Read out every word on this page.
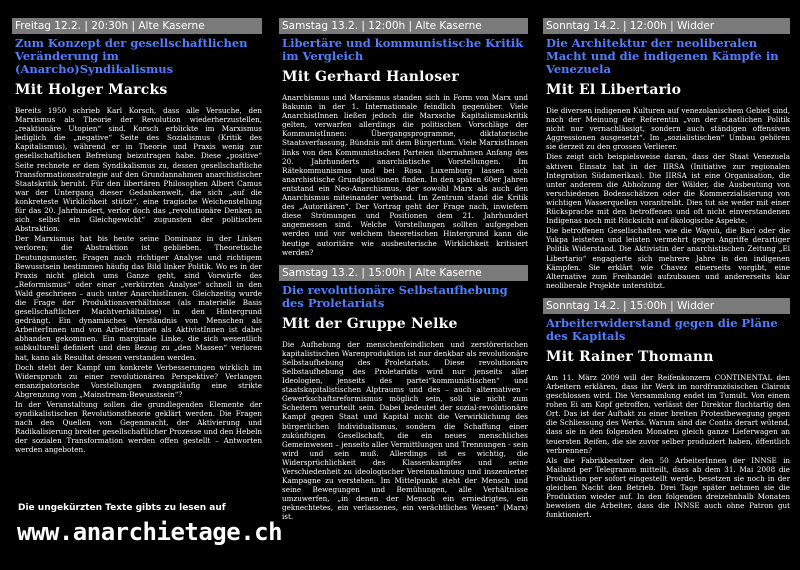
Freitag 12.2. | 20:30h | Alte Kaserne
Zum Konzept der gesellschaftlichen Veränderung im (Anarcho)Syndikalismus
Mit Holger Marcks

Bereits 1950 schrieb Karl Korsch, dass alle Versuche, den Marxismus als Theorie der Revolution wiederherzustellen, „reaktionäre Utopien“ sind. Korsch erblickte im Marxismus lediglich die „negative“ Seite des Sozialismus (Kritik des Kapitalismus), während er in Theorie und Praxis wenig zur gesellschaftlichen Befreiung beizutragen habe. Diese „positive“ Seite rechnete er dem Syndikalismus zu, dessen gesellschaftliche Transformationsstrategie auf den Grundannahmen anarchistischer Staatskritik beruht. Für den libertären Philosophen Albert Camus war der Untergang dieser Gedankenwelt, die sich „auf die konkreteste Wirklichkeit stützt“, eine tragische Weichenstellung für das 20. Jahrhundert, verlor doch das „revolutionäre Denken in sich selbst ein Gleichgewicht“ zugunsten der politischen Abstraktion.

Der Marxismus hat bis heute seine Dominanz in der Linken verloren; die Abstraktion ist geblieben. Theoretische Deutungsmuster, Fragen nach richtiger Analyse und richtigem Bewusstsein bestimmen häufig das Bild linker Politik. Wo es in der Praxis nicht gleich ums Ganze geht, sind Vorwürfe des „Reformismus“ oder einer „verkürzten Analyse“ schnell in den Wald geschrieen – auch unter AnarchistInnen. Gleichzeitig wurde die Frage der Produktionsverhältnisse (als materielle Basis gesellschaftlicher Machtverhältnisse) in den Hintergrund gedrängt. Ein dynamisches Verständnis von Menschen als ArbeiterInnen und von Arbeiterinnen als AktivistInnen ist dabei abhanden gekommen. Ein marginale Linke, die sich wesentlich subkulturell definiert und den Bezug zu „den Massen“ verloren hat, kann als Resultat dessen verstanden werden.

Doch steht der Kampf um konkrete Verbesserungen wirklich im Widerspruch zu einer revolutionären Perspektive? Verlangen emanzipatorische Vorstellungen zwangsläufig eine strikte Abgrenzung vom „Mainstream-Bewusstsein“?

In der Veranstaltung sollen die grundlegenden Elemente der syndikalistischen Revolutionstheorie geklärt werden. Die Fragen nach den Quellen von Gegenmacht, der Aktivierung und Radikalisierung breiter gesellschaftlicher Prozesse und den Hebeln der sozialen Transformation werden offen gestellt – Antworten werden angeboten.

Die ungekürzten Texte gibts zu lesen auf
www.anarchietage.ch
Samstag 13.2. | 12:00h | Alte Kaserne
Libertäre und kommunistische Kritik im Vergleich
Mit Gerhard Hanloser

Anarchismus und Marxismus standen sich in Form von Marx und Bakunin in der 1. Internationale feindlich gegenüber. Viele AnarchistInnen ließen jedoch die Marxsche Kapitalismuskritik gelten, verwarfen allerdings die politischen Vorschläge der KommunistInnen: Übergangsprogramme, diktatorische Staatsverfassung, Bündnis mit dem Bürgertum. Viele MarxistInnen links von den Kommunistischen Parteien übernahmen Anfang des 20. Jahrhunderts anarchistische Vorstellungen. Im Rätekommunismus und bei Rosa Luxemburg lassen sich anarchistische Grundpositionen finden. In den späten 60er Jahren entstand ein Neo-Anarchismus, der sowohl Marx als auch den Anarchismus miteinander verband. Im Zentrum stand die Kritik des „Autoritären“. Der Vortrag geht der Frage nach, inwiefern diese Strömungen und Positionen dem 21. Jahrhundert angemessen sind. Welche Vorstellungen sollten aufgegeben werden und vor welchem theoretischen Hintergrund kann die heutige autoritäre wie ausbeuterische Wirklichkeit kritisiert werden?

Samstag 13.2. | 15:00h | Alte Kaserne
Die revolutionäre Selbstaufhebung des Proletariats
Mit der Gruppe Nelke

Die Aufhebung der menschenfeindlichen und zerstörerischen kapitalistischen Warenproduktion ist nur denkbar als revolutionäre Selbstaufhebung des Proletariats. Diese revolutionäre Selbstaufhebung des Proletariats wird nur jenseits aller Ideologien, jenseits des partei“kommunistischen“ und staatskapitalistischen Alptraums und des – auch alternativen - Gewerkschaftsreformismus möglich sein, soll sie nicht zum Scheitern verurteilt sein. Dabei bedeutet der sozial-revolutionäre Kampf gegen Staat und Kapital nicht die Verwirklichung des bürgerlichen Individualismus, sondern die Schaffung einer zukünftigen Gesellschaft, die ein neues menschliches Gemeinwesen – jenseits aller Vermittlungen und Trennungen - sein wird und sein muß. Allerdings ist es wichtig, die Widersprüchlichkeit des Klassenkampfes und seine Verschiedenheit zu ideologischer Vereinnahmung und inszenierter Kampagne zu verstehen. Im Mittelpunkt steht der Mensch und seine Bewegungen und Bemühungen, alle Verhältnisse umzuwerfen, „in denen der Mensch ein erniedrigtes, ein geknechtetes, ein verlassenes, ein verächtliches Wesen“ (Marx) ist.

Sonntag 14.2. | 12:00h | Widder
Die Architektur der neoliberalen Macht und die indigenen Kämpfe in Venezuela
Mit El Libertario

Die diversen indigenen Kulturen auf venezolanischem Gebiet sind, nach der Meinung der Referentin „von der staatlichen Politik nicht nur vernachlässigt, sondern auch ständigen offensiven Aggressionen ausgesetzt“. Im „sozialistischen“ Umbau gehören sie derzeit zu den grossen Verlierer.

Dies zeigt sich beispielsweise daran, dass der Staat Venezuela aktiven Einsatz hat in der IIRSA (Initiative zur regionalen Integration Südamerikas). Die IIRSA ist eine Organisation, die unter anderem die Abholzung der Wälder, die Ausbeutung von verschiedenen Bodenschätzen oder die Kommerzialisierung von wichtigen Wasserquellen vorantreibt. Dies tut sie weder mit einer Rücksprache mit den betroffenen und oft nicht einverstandenen Indigenas noch mit Rücksicht auf ökologische Aspekte.

Die betroffenen Gesellschaften wie die Wayuù, die Barì oder die Yukpa leisteten und leisten vermehrt gegen Angriffe derartiger Politik Widerstand. Die Aktivistin der anarchistischen Zeitung „El Libertario“ engagierte sich mehrere Jahre in den indigenen Kämpfen. Sie erklärt wie Chavez einerseits vorgibt, eine Alternative zum Freihandel aufzubauen und andererseits klar neoliberale Projekte unterstützt.

Sonntag 14.2. | 15:00h | Widder
Arbeiterwiderstand gegen die Pläne des Kapitals
Mit Rainer Thomann

Am 11. März 2009 will der Reifenkonzern CONTINENTAL den Arbeitern erklären, dass ihr Werk im nordfranzösischen Clairoix geschlossen wird. Die Versammlung endet im Tumult. Von einem rohen Ei am Kopf getroffen, verlässt der Direktor fluchtartig den Ort. Das ist der Auftakt zu einer breiten Protestbewegung gegen die Schliessung des Werks. Warum sind die Contis derart wütend, dass sie in den folgenden Monaten gleich ganze Lieferwagen an teuersten Reifen, die sie zuvor selber produziert haben, öffentlich verbrennen?

Als die Fabrikbesitzer den 50 ArbeiterInnen der INNSE in Mailand per Telegramm mitteilt, dass ab dem 31. Mai 2008 die Produktion per sofort eingestellt werde, besetzen sie noch in der gleichen Nacht den Betrieb. Drei Tage später nehmen sie die Produktion wieder auf. In den folgenden dreizehnhalb Monaten beweisen die Arbeiter, dass die INNSE auch ohne Patron gut funktioniert.
